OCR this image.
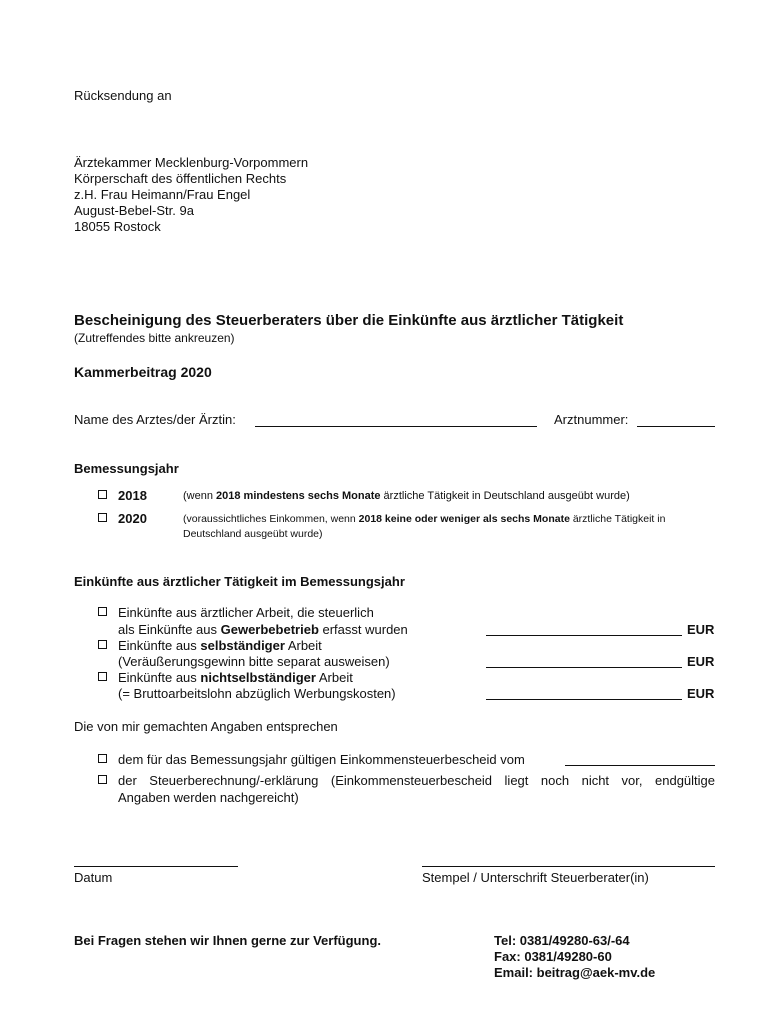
Rücksendung an
Ärztekammer Mecklenburg-Vorpommern
Körperschaft des öffentlichen Rechts
z.H. Frau Heimann/Frau Engel
August-Bebel-Str. 9a
18055 Rostock
Bescheinigung des Steuerberaters über die Einkünfte aus ärztlicher Tätigkeit
(Zutreffendes bitte ankreuzen)
Kammerbeitrag 2020
Name des Arztes/der Ärztin:	Arztnummer:
Bemessungsjahr
2018	(wenn 2018 mindestens sechs Monate ärztliche Tätigkeit in Deutschland ausgeübt wurde)
2020	(voraussichtliches Einkommen, wenn 2018 keine oder weniger als sechs Monate ärztliche Tätigkeit in
Deutschland ausgeübt wurde)
Einkünfte aus ärztlicher Tätigkeit im Bemessungsjahr
Einkünfte aus ärztlicher Arbeit, die steuerlich
als Einkünfte aus Gewerbebetrieb erfasst wurden	EUR
Einkünfte aus selbständiger Arbeit
(Veräußerungsgewinn bitte separat ausweisen)	EUR
Einkünfte aus nichtselbständiger Arbeit
(= Bruttoarbeitslohn abzüglich Werbungskosten)	EUR
Die von mir gemachten Angaben entsprechen
dem für das Bemessungsjahr gültigen Einkommensteuerbescheid vom
der Steuerberechnung/-erklärung (Einkommensteuerbescheid liegt noch nicht vor, endgültige
Angaben werden nachgereicht)
Datum	Stempel / Unterschrift Steuerberater(in)
Bei Fragen stehen wir Ihnen gerne zur Verfügung.	Tel: 0381/49280-63/-64
Fax: 0381/49280-60
Email: beitrag@aek-mv.de
